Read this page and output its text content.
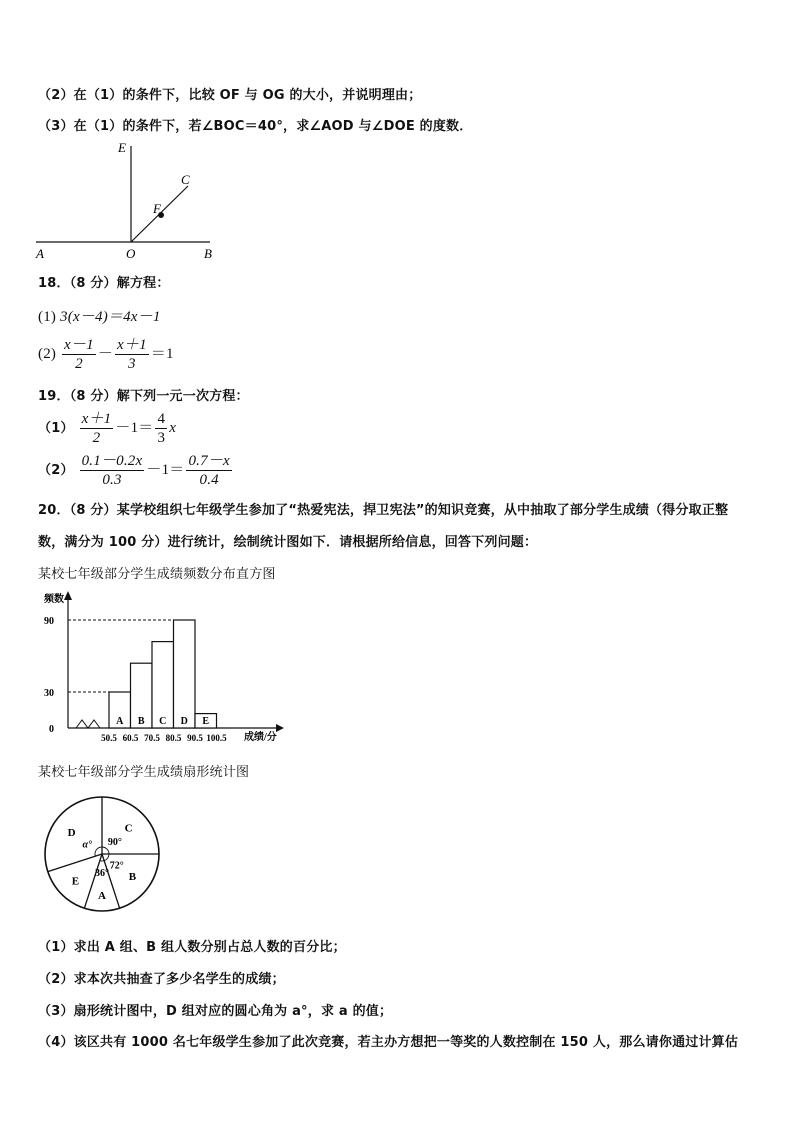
（2）在（1）的条件下，比较 OF 与 OG 的大小，并说明理由；
（3）在（1）的条件下，若∠BOC＝40°，求∠AOD 与∠DOE 的度数．
E
C
F
A	O	B
18．（8 分）解方程：
(1) 3(x－4)＝4x－1
$(2) \frac{x-1}{2} - \frac{x+1}{3} =1$
19．（8 分）解下列一元一次方程：
$(1) \frac{x+1}{2} -1= \frac{4}{3}$ x
$(2) \frac{0.1-0.2x}{0.3} -1= \frac{0.7-x}{0.4}$
20．（8 分）某学校组织七年级学生参加了“热爱宪法，捍卫宪法”的知识竞赛，从中抽取了部分学生成绩（得分取正整
数，满分为 100 分）进行统计，绘制统计图如下．请根据所给信息，回答下列问题：
某校七年级部分学生成绩频数分布直方图
频数
成绩/分
0
30
90
A B C D E
50.5 60.5 70.5 80.5 90.5 100.5
某校七年级部分学生成绩扇形统计图
C
90°
B
72°
A
36°
E
D
α°
（1）求出 A 组、B 组人数分别占总人数的百分比；
（2）求本次共抽查了多少名学生的成绩；
（3）扇形统计图中，D 组对应的圆心角为 a°，求 a 的值；
（4）该区共有 1000 名七年级学生参加了此次竞赛，若主办方想把一等奖的人数控制在 150 人，那么请你通过计算估
